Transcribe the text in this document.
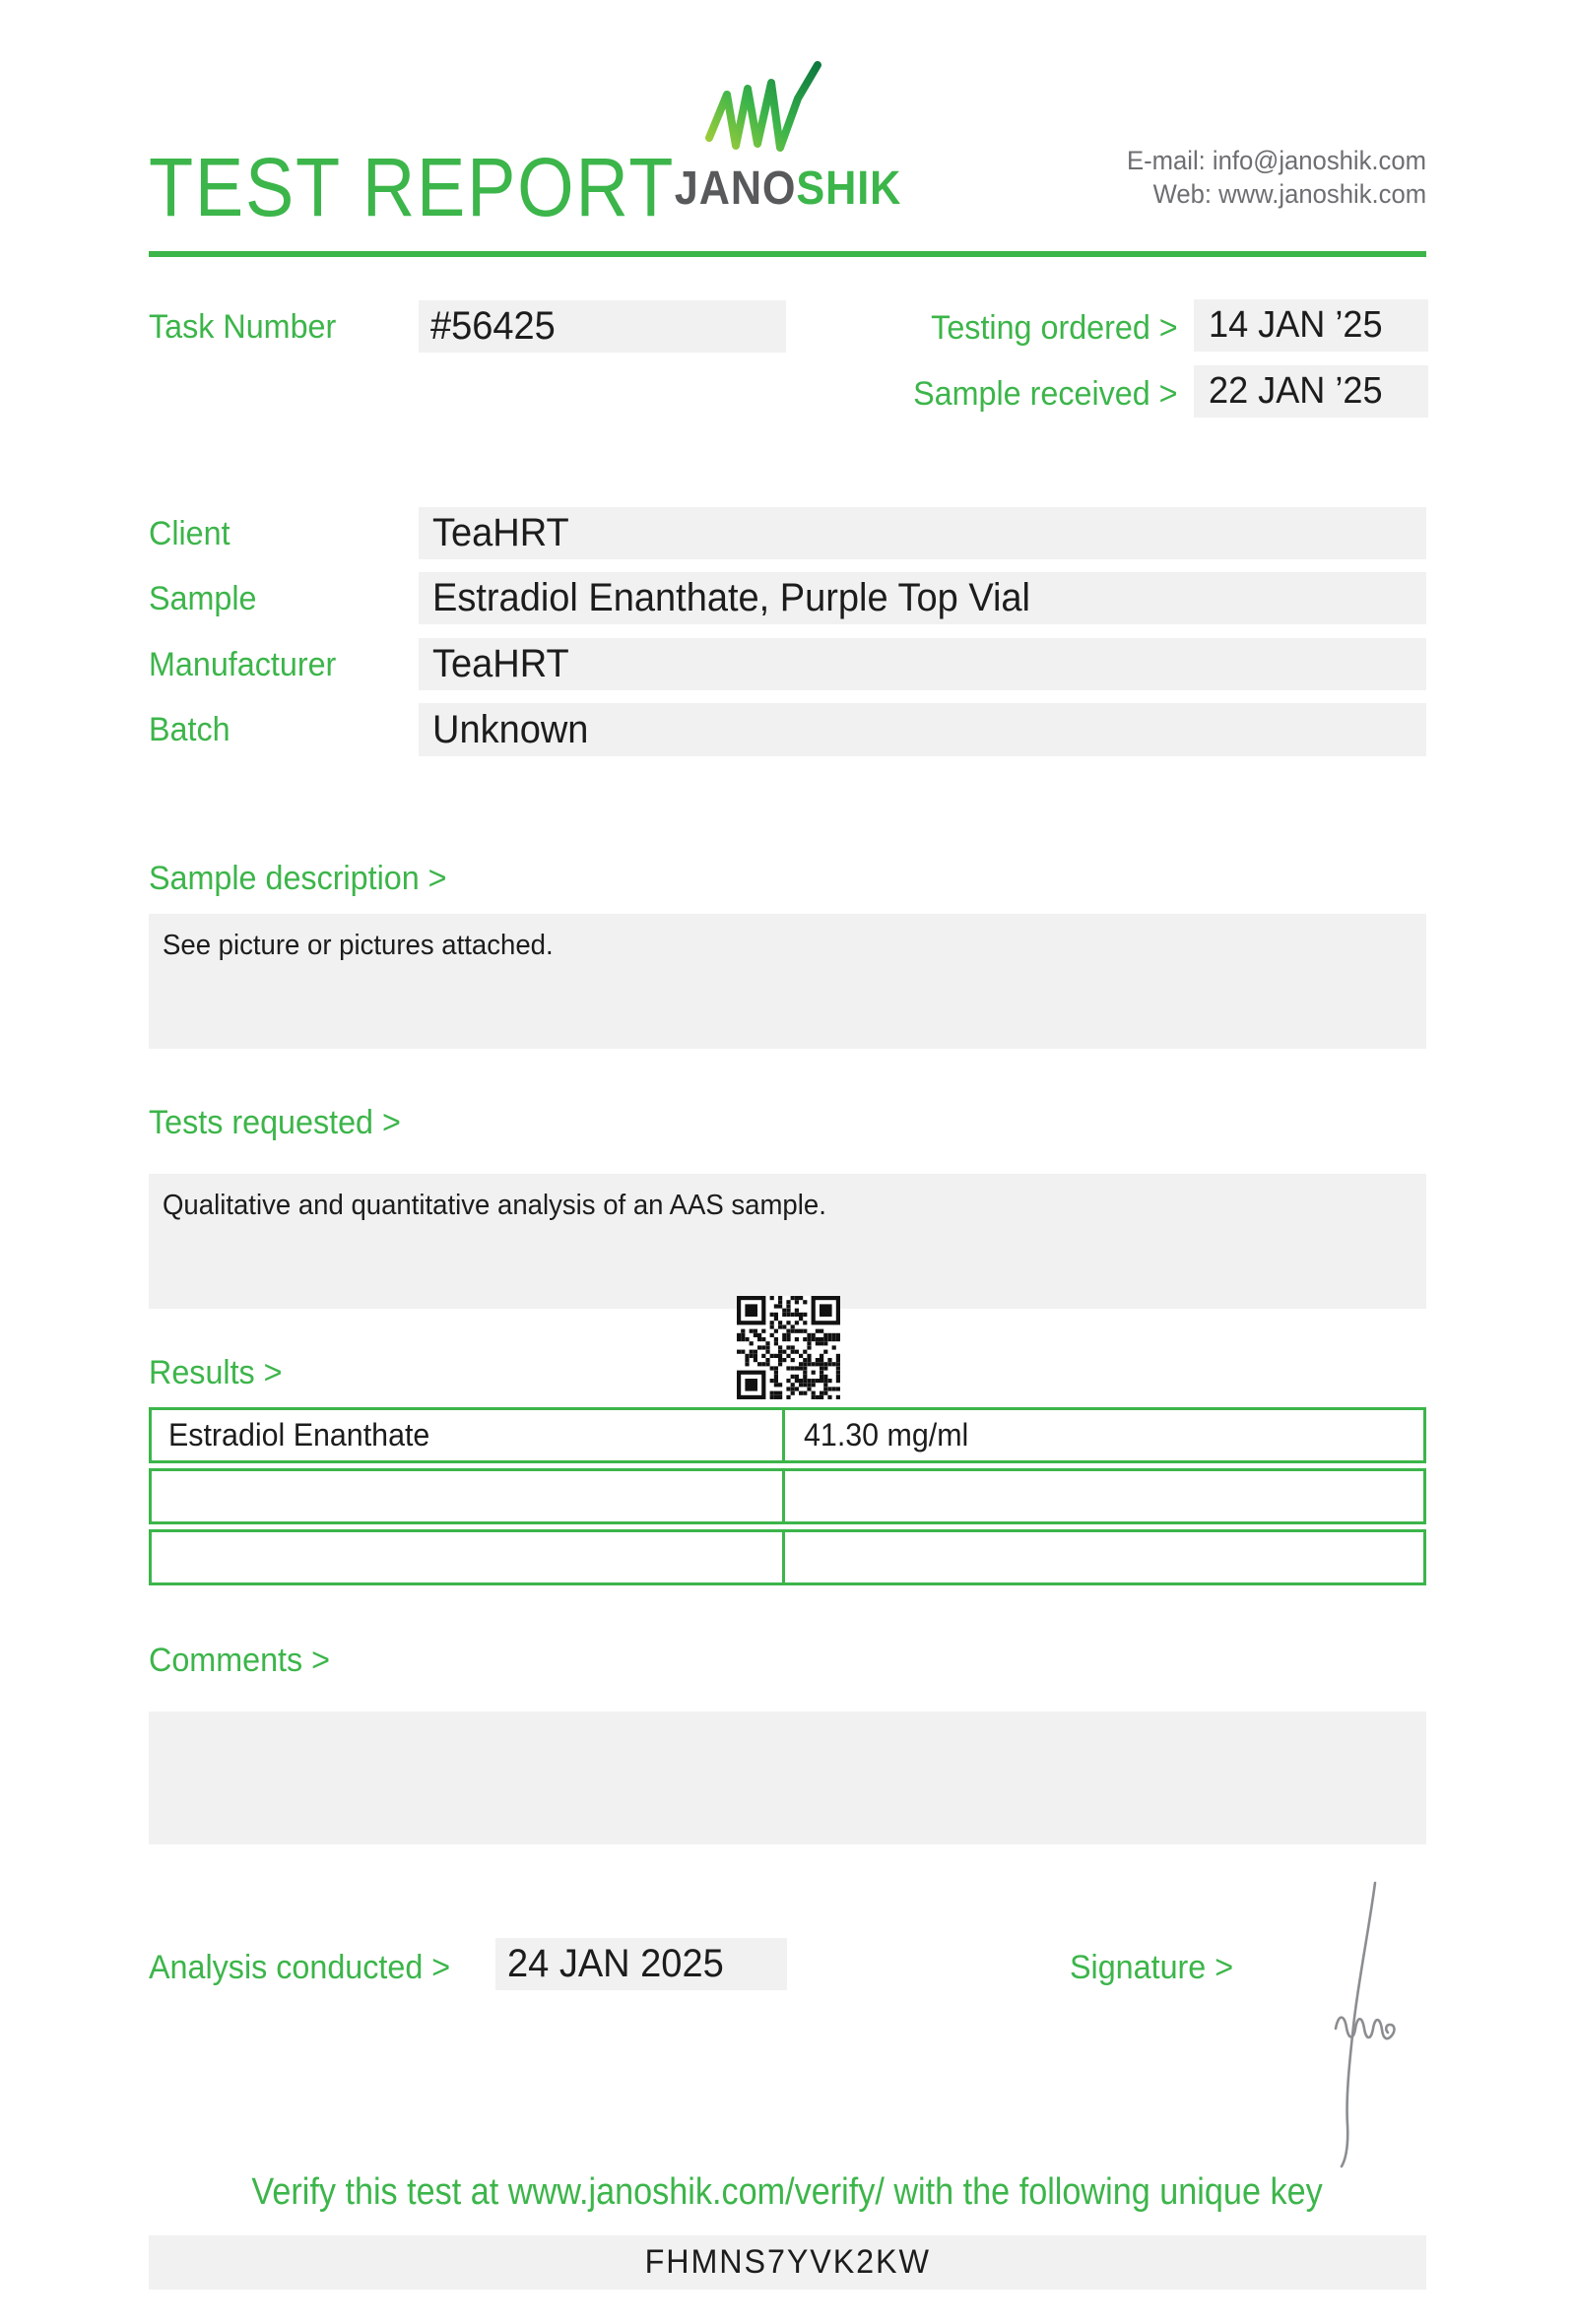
TEST REPORT JANOSHIK
E-mail: info@janoshik.com
Web: www.janoshik.com
Task Number #56425	Testing ordered > 14 JAN ’25
Sample received > 22 JAN ’25
Client	TeaHRT
Sample	Estradiol Enanthate, Purple Top Vial
Manufacturer TeaHRT
Batch	Unknown
Sample description >
See picture or pictures attached.
Tests requested >
Qualitative and quantitative analysis of an AAS sample.
Results >
Estradiol Enanthate	41.30 mg/ml
Comments >
Analysis conducted >	24 JAN 2025	Signature >
Verify this test at www.janoshik.com/verify/ with the following unique key
FHMNS7YVK2KW
